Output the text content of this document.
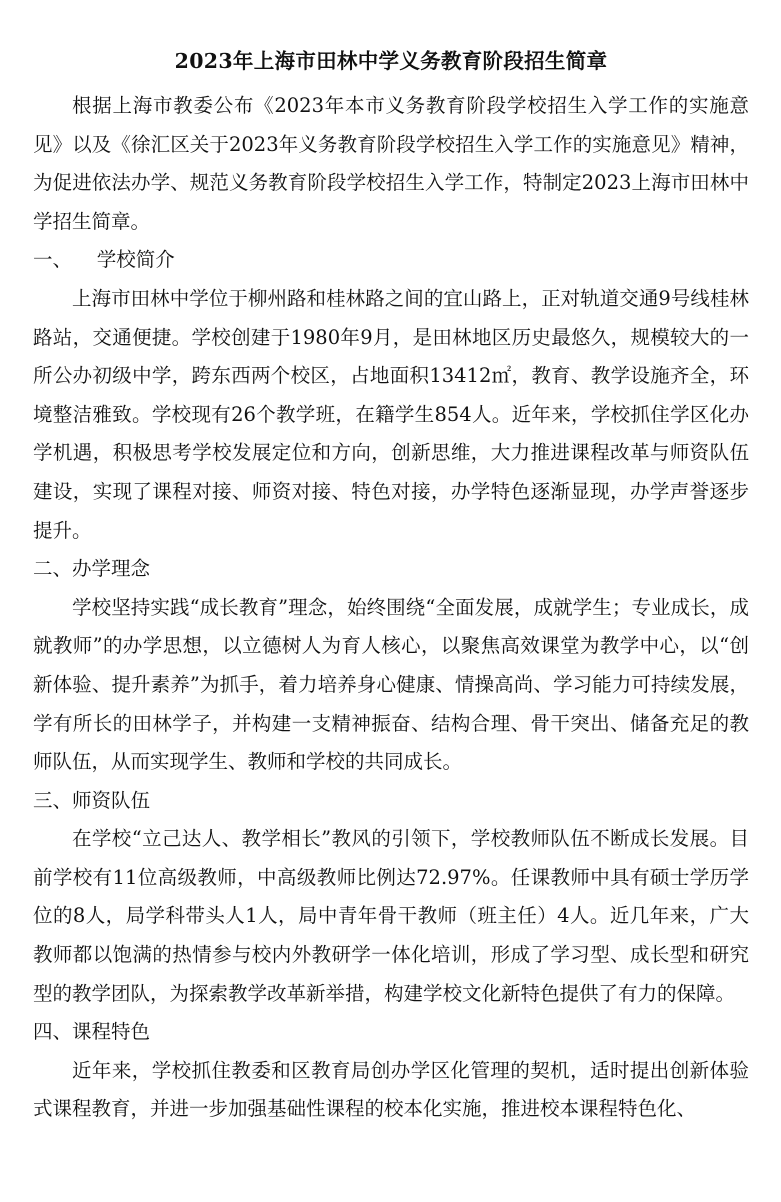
2023年上海市田林中学义务教育阶段招生简章

根据上海市教委公布《2023年本市义务教育阶段学校招生入学工作的实施意见》以及《徐汇区关于2023年义务教育阶段学校招生入学工作的实施意见》精神，为促进依法办学、规范义务教育阶段学校招生入学工作，特制定2023上海市田林中学招生简章。

一、    学校简介

上海市田林中学位于柳州路和桂林路之间的宜山路上，正对轨道交通9号线桂林路站，交通便捷。学校创建于1980年9月，是田林地区历史最悠久，规模较大的一所公办初级中学，跨东西两个校区，占地面积13412㎡，教育、教学设施齐全，环境整洁雅致。学校现有26个教学班，在籍学生854人。近年来，学校抓住学区化办学机遇，积极思考学校发展定位和方向，创新思维，大力推进课程改革与师资队伍建设，实现了课程对接、师资对接、特色对接，办学特色逐渐显现，办学声誉逐步提升。

二、办学理念

学校坚持实践“成长教育”理念，始终围绕“全面发展，成就学生；专业成长，成就教师”的办学思想，以立德树人为育人核心，以聚焦高效课堂为教学中心，以“创新体验、提升素养”为抓手，着力培养身心健康、情操高尚、学习能力可持续发展，学有所长的田林学子，并构建一支精神振奋、结构合理、骨干突出、储备充足的教师队伍，从而实现学生、教师和学校的共同成长。

三、师资队伍

在学校“立己达人、教学相长”教风的引领下，学校教师队伍不断成长发展。目前学校有11位高级教师，中高级教师比例达72.97%。任课教师中具有硕士学历学位的8人，局学科带头人1人，局中青年骨干教师（班主任）4人。近几年来，广大教师都以饱满的热情参与校内外教研学一体化培训，形成了学习型、成长型和研究型的教学团队，为探索教学改革新举措，构建学校文化新特色提供了有力的保障。

四、课程特色

近年来，学校抓住教委和区教育局创办学区化管理的契机，适时提出创新体验式课程教育，并进一步加强基础性课程的校本化实施，推进校本课程特色化、
